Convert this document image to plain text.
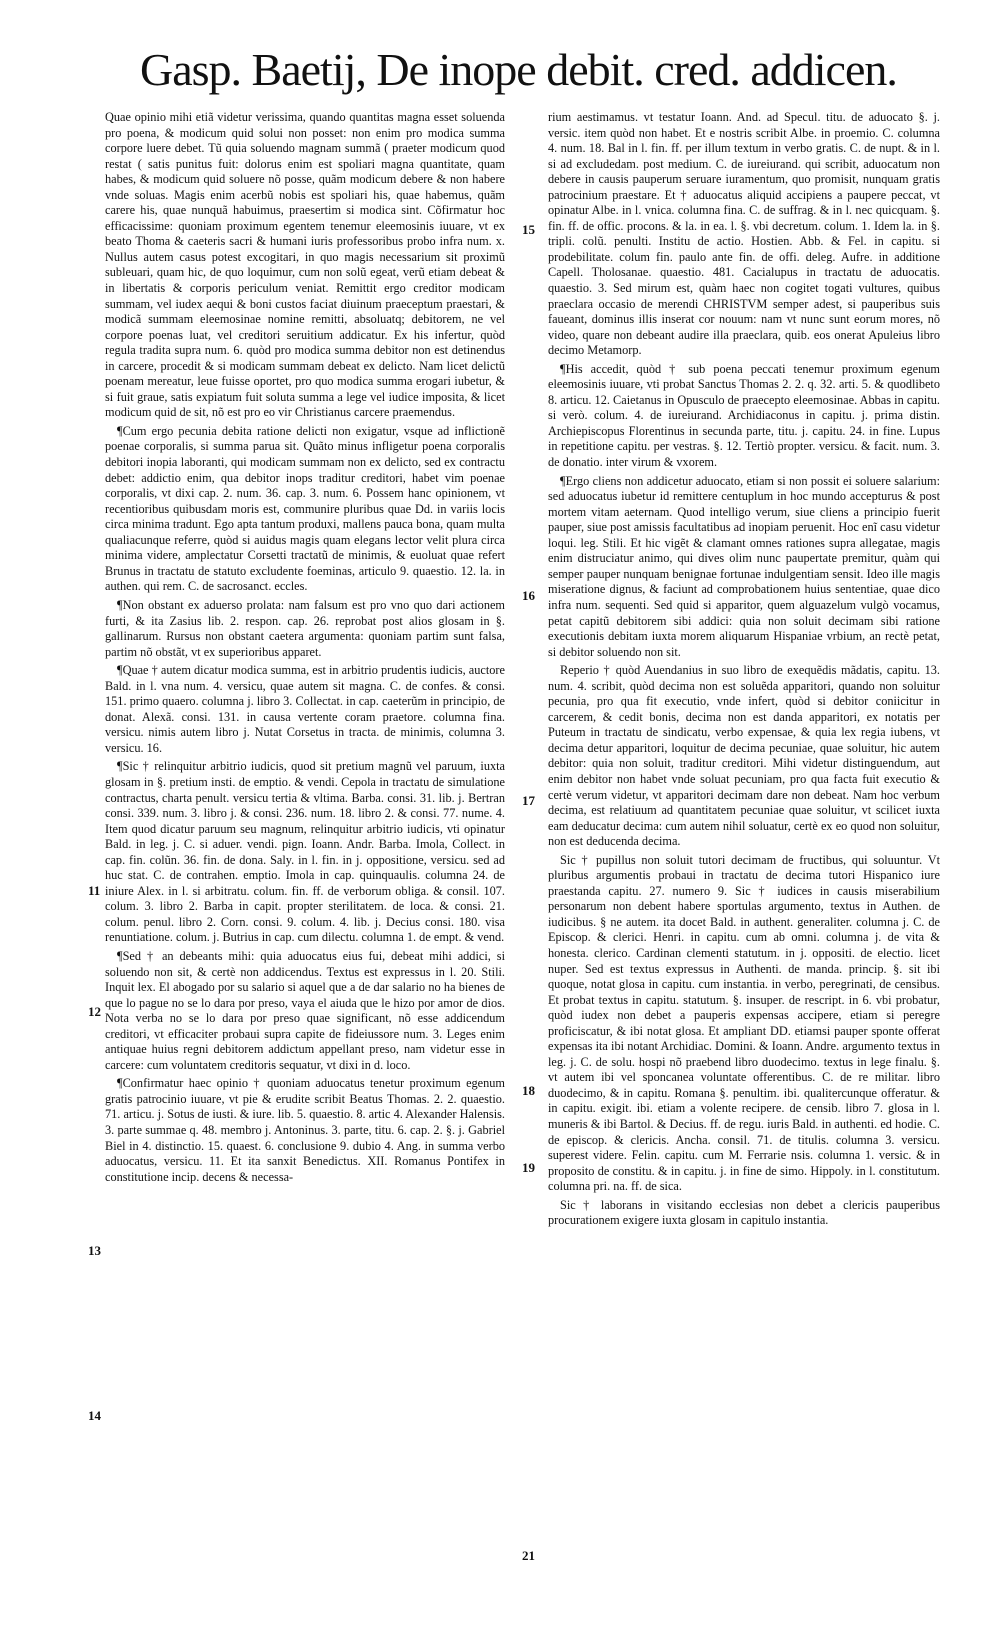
Gasp. Baetij, De inope debit. cred. addicen.

Quae opinio mihi etiã videtur verissima, quando quantitas magna esset soluenda pro poena, & modicum quid solui non posset: non enim pro modica summa corpore luere debet. Tũ quia soluendo magnam summã ( praeter modicum quod restat ( satis punitus fuit: dolorus enim est spoliari magna quantitate, quam habes, & modicum quid soluere nõ posse, quãm modicum debere & non habere vnde soluas. Magis enim acerbũ nobis est spoliari his, quae habemus, quãm carere his, quae nunquã habuimus, praesertim si modica sint. Cõfirmatur hoc efficacissime: quoniam proximum egentem tenemur eleemosinis iuuare, vt ex beato Thoma & caeteris sacri & humani iuris professoribus probo infra num. x. Nullus autem casus potest excogitari, in quo magis necessarium sit proximũ subleuari, quam hic, de quo loquimur, cum non solũ egeat, verũ etiam debeat & in libertatis & corporis periculum veniat. Remittit ergo creditor modicam summam, vel iudex aequi & boni custos faciat diuinum praeceptum praestari, & modicã summam eleemosinae nomine remitti, absoluatq; debitorem, ne vel corpore poenas luat, vel creditori seruitium addicatur. Ex his infertur, quòd regula tradita supra num. 6. quòd pro modica summa debitor non est detinendus in carcere, procedit & si modicam summam debeat ex delicto. Nam licet delictũ poenam mereatur, leue fuisse oportet, pro quo modica summa erogari iubetur, & si fuit graue, satis expiatum fuit soluta summa a lege vel iudice imposita, & licet modicum quid de sit, nõ est pro eo vir Christianus carcere praemendus.

¶Cum ergo pecunia debita ratione delicti non exigatur, vsque ad inflictionẽ poenae corporalis, si summa parua sit. Quãto minus infligetur poena corporalis debitori inopia laboranti, qui modicam summam non ex delicto, sed ex contractu debet: addictio enim, qua debitor inops traditur creditori, habet vim poenae corporalis, vt dixi cap. 2. num. 36. cap. 3. num. 6. Possem hanc opinionem, vt recentioribus quibusdam moris est, communire pluribus quae Dd. in variis locis circa minima tradunt. Ego apta tantum produxi, mallens pauca bona, quam multa qualiacunque referre, quòd si auidus magis quam elegans lector velit plura circa minima videre, amplectatur Corsetti tractatũ de minimis, & euoluat quae refert Brunus in tractatu de statuto excludente foeminas, articulo 9. quaestio. 12. la. in authen. qui rem. C. de sacrosanct. eccles.

¶Non obstant ex aduerso prolata: nam falsum est pro vno quo dari actionem furti, & ita Zasius lib. 2. respon. cap. 26. reprobat post alios glosam in §. gallinarum. Rursus non obstant caetera argumenta: quoniam partim sunt falsa, partim nõ obstãt, vt ex superioribus apparet.

¶Quae † autem dicatur modica summa, est in arbitrio prudentis iudicis, auctore Bald. in l. vna num. 4. versicu, quae autem sit magna. C. de confes. & consi. 151. primo quaero. columna j. libro 3. Collectat. in cap. caeterũm in principio, de donat. Alexã. consi. 131. in causa vertente coram praetore. columna fina. versicu. nimis autem libro j. Nutat Corsetus in tracta. de minimis, columna 3. versicu. 16.

¶Sic † relinquitur arbitrio iudicis, quod sit pretium magnũ vel paruum, iuxta glosam in §. pretium insti. de emptio. & vendi. Cepola in tractatu de simulatione contractus, charta penult. versicu tertia & vltima. Barba. consi. 31. lib. j. Bertran consi. 339. num. 3. libro j. & consi. 236. num. 18. libro 2. & consi. 77. nume. 4. Item quod dicatur paruum seu magnum, relinquitur arbitrio iudicis, vti opinatur Bald. in leg. j. C. si aduer. vendi. pign. Ioann. Andr. Barba. Imola, Collect. in cap. fin. colũn. 36. fin. de dona. Saly. in l. fin. in j. oppositione, versicu. sed ad huc stat. C. de contrahen. emptio. Imola in cap. quinquaulis. columna 24. de iniure Alex. in l. si arbitratu. colum. fin. ff. de verborum obliga. & consil. 107. colum. 3. libro 2. Barba in capit. propter sterilitatem. de loca. & consi. 21. colum. penul. libro 2. Corn. consi. 9. colum. 4. lib. j. Decius consi. 180. visa renuntiatione. colum. j. Butrius in cap. cum dilectu. columna 1. de empt. & vend.

¶Sed † an debeants mihi: quia aduocatus eius fui, debeat mihi addici, si soluendo non sit, & certè non addicendus. Textus est expressus in l. 20. Stili. Inquit lex. El abogado por su salario si aquel que a de dar salario no ha bienes de que lo pague no se lo dara por preso, vaya el aiuda que le hizo por amor de dios. Nota verba no se lo dara por preso quae significant, nõ esse addicendum creditori, vt efficaciter probaui supra capite de fideiussore num. 3. Leges enim antiquae huius regni debitorem addictum appellant preso, nam videtur esse in carcere: cum voluntatem creditoris sequatur, vt dixi in d. loco.

¶Confirmatur haec opinio † quoniam aduocatus tenetur proximum egenum gratis patrocinio iuuare, vt pie & erudite scribit Beatus Thomas. 2. 2. quaestio. 71. articu. j. Sotus de iusti. & iure. lib. 5. quaestio. 8. artic 4. Alexander Halensis. 3. parte summae q. 48. membro j. Antoninus. 3. parte, titu. 6. cap. 2. §. j. Gabriel Biel in 4. distinctio. 15. quaest. 6. conclusione 9. dubio 4. Ang. in summa verbo aduocatus, versicu. 11. Et ita sanxit Benedictus. XII. Romanus Pontifex in constitutione incip. decens & necessa-

rium aestimamus. vt testatur Ioann. And. ad Specul. titu. de aduocato §. j. versic. item quòd non habet. Et e nostris scribit Albe. in proemio. C. columna 4. num. 18. Bal in l. fin. ff. per illum textum in verbo gratis. C. de nupt. & in l. si ad excludedam. post medium. C. de iureiurand. qui scribit, aduocatum non debere in causis pauperum seruare iuramentum, quo promisit, nunquam gratis patrocinium praestare. Et † aduocatus aliquid accipiens a paupere peccat, vt opinatur Albe. in l. vnica. columna fina. C. de suffrag. & in l. nec quicquam. §. fin. ff. de offic. procons. & la. in ea. l. §. vbi decretum. colum. 1. Idem la. in §. tripli. colũ. penulti. Institu de actio. Hostien. Abb. & Fel. in capitu. si prodebilitate. colum fin. paulo ante fin. de offi. deleg. Aufre. in additione Capell. Tholosanae. quaestio. 481. Cacialupus in tractatu de aduocatis. quaestio. 3. Sed mirum est, quàm haec non cogitet togati vultures, quibus praeclara occasio de merendi CHRISTVM semper adest, si pauperibus suis faueant, dominus illis inserat cor nouum: nam vt nunc sunt eorum mores, nõ video, quare non debeant audire illa praeclara, quib. eos onerat Apuleius libro decimo Metamorp.

¶His accedit, quòd † sub poena peccati tenemur proximum egenum eleemosinis iuuare, vti probat Sanctus Thomas 2. 2. q. 32. arti. 5. & quodlibeto 8. articu. 12. Caietanus in Opusculo de praecepto eleemosinae. Abbas in capitu. si verò. colum. 4. de iureiurand. Archidiaconus in capitu. j. prima distin. Archiepiscopus Florentinus in secunda parte, titu. j. capitu. 24. in fine. Lupus in repetitione capitu. per vestras. §. 12. Tertiò propter. versicu. & facit. num. 3. de donatio. inter virum & vxorem.

¶Ergo cliens non addicetur aduocato, etiam si non possit ei soluere salarium: sed aduocatus iubetur id remittere centuplum in hoc mundo accepturus & post mortem vitam aeternam. Quod intelligo verum, siue cliens a principio fuerit pauper, siue post amissis facultatibus ad inopiam peruenit. Hoc enĩ casu videtur loqui. leg. Stili. Et hic vigẽt & clamant omnes rationes supra allegatae, magis enim distruciatur animo, qui dives olim nunc paupertate premitur, quàm qui semper pauper nunquam benignae fortunae indulgentiam sensit. Ideo ille magis miseratione dignus, & faciunt ad comprobationem huius sententiae, quae dico infra num. sequenti. Sed quid si apparitor, quem alguazelum vulgò vocamus, petat capitũ debitorem sibi addici: quia non soluit decimam sibi ratione executionis debitam iuxta morem aliquarum Hispaniae vrbium, an rectè petat, si debitor soluendo non sit.

Reperio † quòd Auendanius in suo libro de exequẽdis mãdatis, capitu. 13. num. 4. scribit, quòd decima non est soluẽda apparitori, quando non soluitur pecunia, pro qua fit executio, vnde infert, quòd si debitor coniicitur in carcerem, & cedit bonis, decima non est danda apparitori, ex notatis per Puteum in tractatu de sindicatu, verbo expensae, & quia lex regia iubens, vt decima detur apparitori, loquitur de decima pecuniae, quae soluitur, hic autem debitor: quia non soluit, traditur creditori. Mihi videtur distinguendum, aut enim debitor non habet vnde soluat pecuniam, pro qua facta fuit executio & certè verum videtur, vt apparitori decimam dare non debeat. Nam hoc verbum decima, est relatiuum ad quantitatem pecuniae quae soluitur, vt scilicet iuxta eam deducatur decima: cum autem nihil soluatur, certè ex eo quod non soluitur, non est deducenda decima.

Sic † pupillus non soluit tutori decimam de fructibus, qui soluuntur. Vt pluribus argumentis probaui in tractatu de decima tutori Hispanico iure praestanda capitu. 27. numero 9. Sic † iudices in causis miserabilium personarum non debent habere sportulas argumento, textus in Authen. de iudicibus. § ne autem. ita docet Bald. in authent. generaliter. columna j. C. de Episcop. & clerici. Henri. in capitu. cum ab omni. columna j. de vita & honesta. clerico. Cardinan clementi statutum. in j. oppositi. de electio. licet nuper. Sed est textus expressus in Authenti. de manda. princip. §. sit ibi quoque, notat glosa in capitu. cum instantia. in verbo, peregrinati, de censibus. Et probat textus in capitu. statutum. §. insuper. de rescript. in 6. vbi probatur, quòd iudex non debet a pauperis expensas accipere, etiam si peregre proficiscatur, & ibi notat glosa. Et ampliant DD. etiamsi pauper sponte offerat expensas ita ibi notant Archidiac. Domini. & Ioann. Andre. argumento textus in leg. j. C. de solu. hospi nõ praebend libro duodecimo. textus in lege finalu. §. vt autem ibi vel sponcanea voluntate offerentibus. C. de re militar. libro duodecimo, & in capitu. Romana §. penultim. ibi. qualitercunque offeratur. & in capitu. exigit. ibi. etiam a volente recipere. de censib. libro 7. glosa in l. muneris & ibi Bartol. & Decius. ff. de regu. iuris Bald. in authenti. ed hodie. C. de episcop. & clericis. Ancha. consil. 71. de titulis. columna 3. versicu. superest videre. Felin. capitu. cum M. Ferrarie nsis. columna 1. versic. & in proposito de constitu. & in capitu. j. in fine de simo. Hippoly. in l. constitutum. columna pri. na. ff. de sica.

Sic † laborans in visitando ecclesias non debet a clericis pauperibus procurationem exigere iuxta glosam in capitulo instantia.

15
16
17
18
19
11
12
13
14
21
